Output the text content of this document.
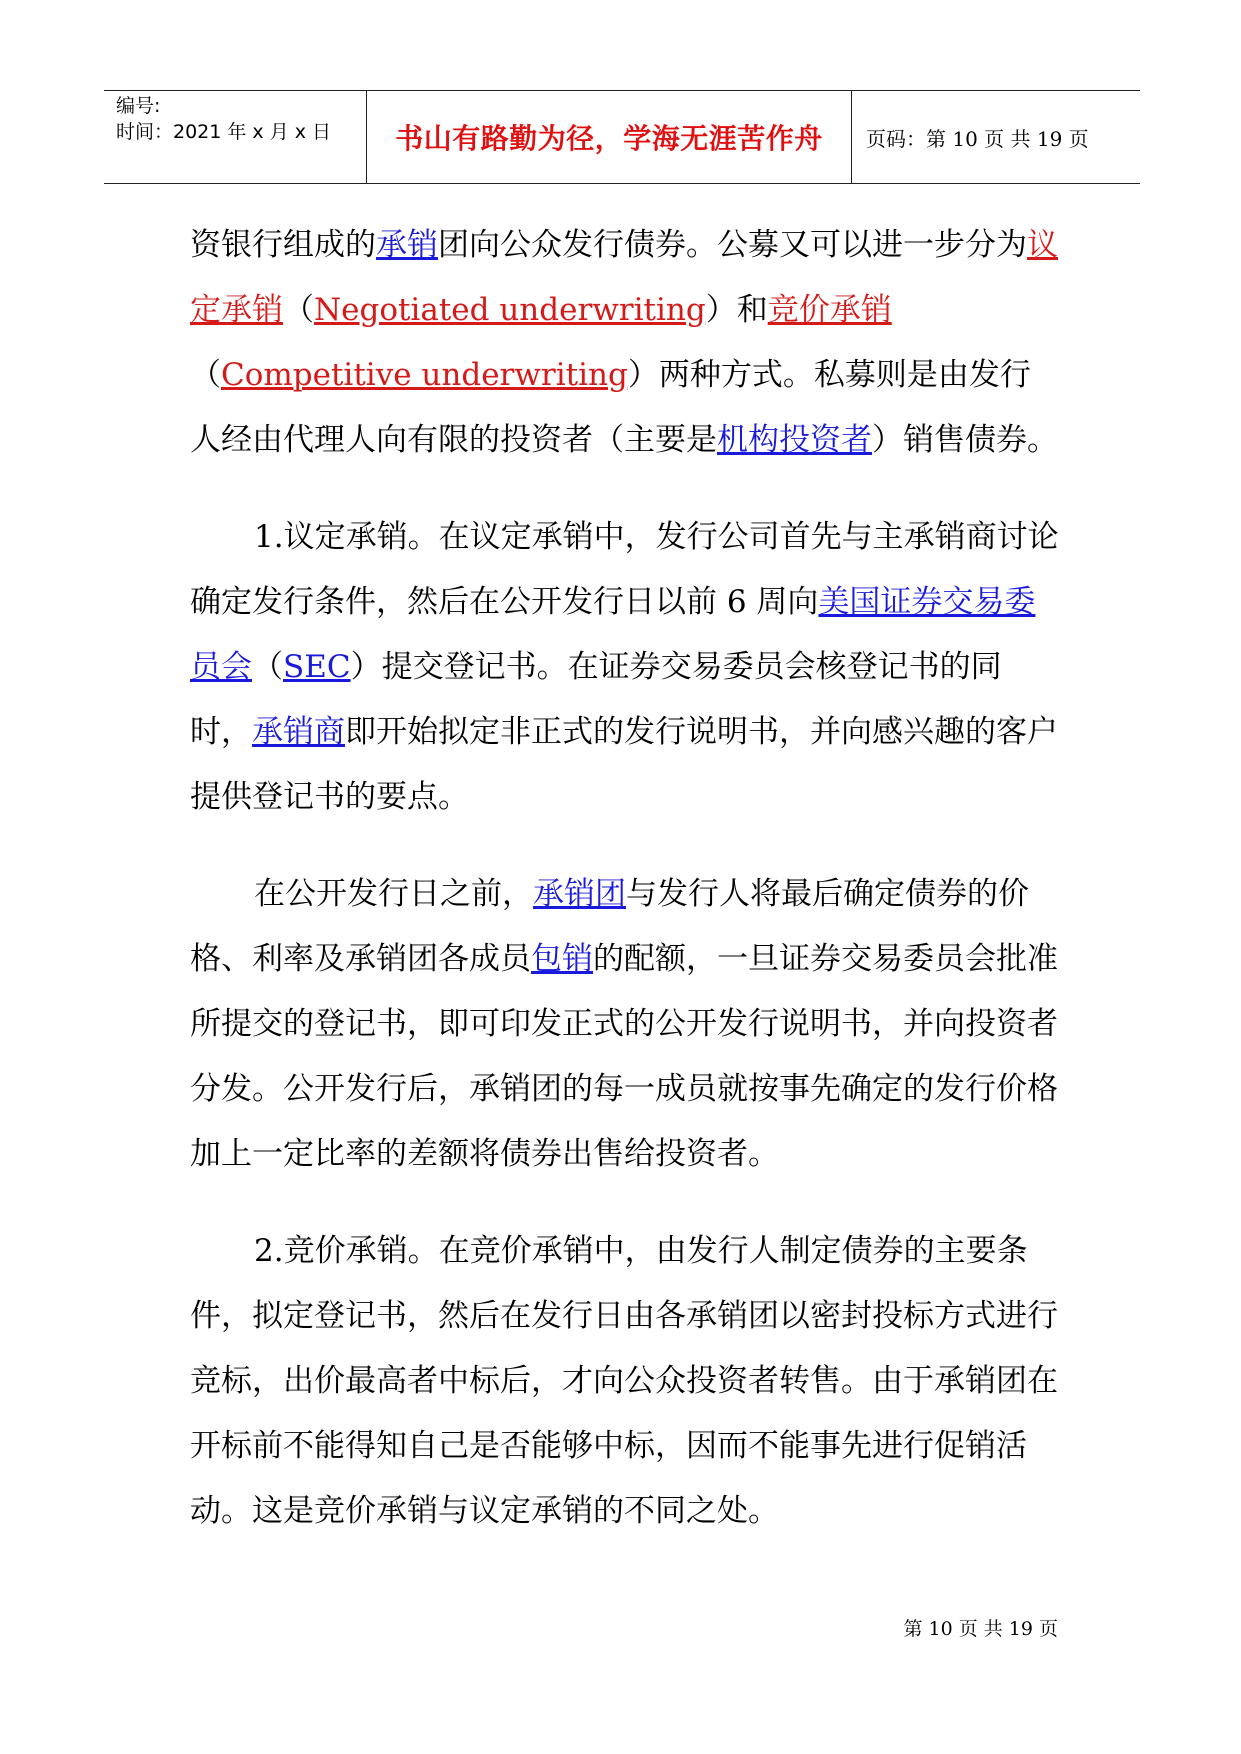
编号:
时间：2021 年 x 月 x 日 书山有路勤为径，学海无涯苦作舟	页码：第 10 页 共 19 页

资银行组成的承销团向公众发行债券。公募又可以进一步分为议定承销（Negotiated underwriting）和竞价承销（Competitive underwriting）两种方式。私募则是由发行人经由代理人向有限的投资者（主要是机构投资者）销售债券。

1.议定承销。在议定承销中，发行公司首先与主承销商讨论确定发行条件，然后在公开发行日以前 6 周向美国证券交易委员会（SEC）提交登记书。在证券交易委员会核登记书的同时，承销商即开始拟定非正式的发行说明书，并向感兴趣的客户提供登记书的要点。

在公开发行日之前，承销团与发行人将最后确定债券的价格、利率及承销团各成员包销的配额，一旦证券交易委员会批准所提交的登记书，即可印发正式的公开发行说明书，并向投资者分发。公开发行后，承销团的每一成员就按事先确定的发行价格加上一定比率的差额将债券出售给投资者。

2.竞价承销。在竞价承销中，由发行人制定债券的主要条件，拟定登记书，然后在发行日由各承销团以密封投标方式进行竞标，出价最高者中标后，才向公众投资者转售。由于承销团在开标前不能得知自己是否能够中标，因而不能事先进行促销活动。这是竞价承销与议定承销的不同之处。

第 10 页 共 19 页
